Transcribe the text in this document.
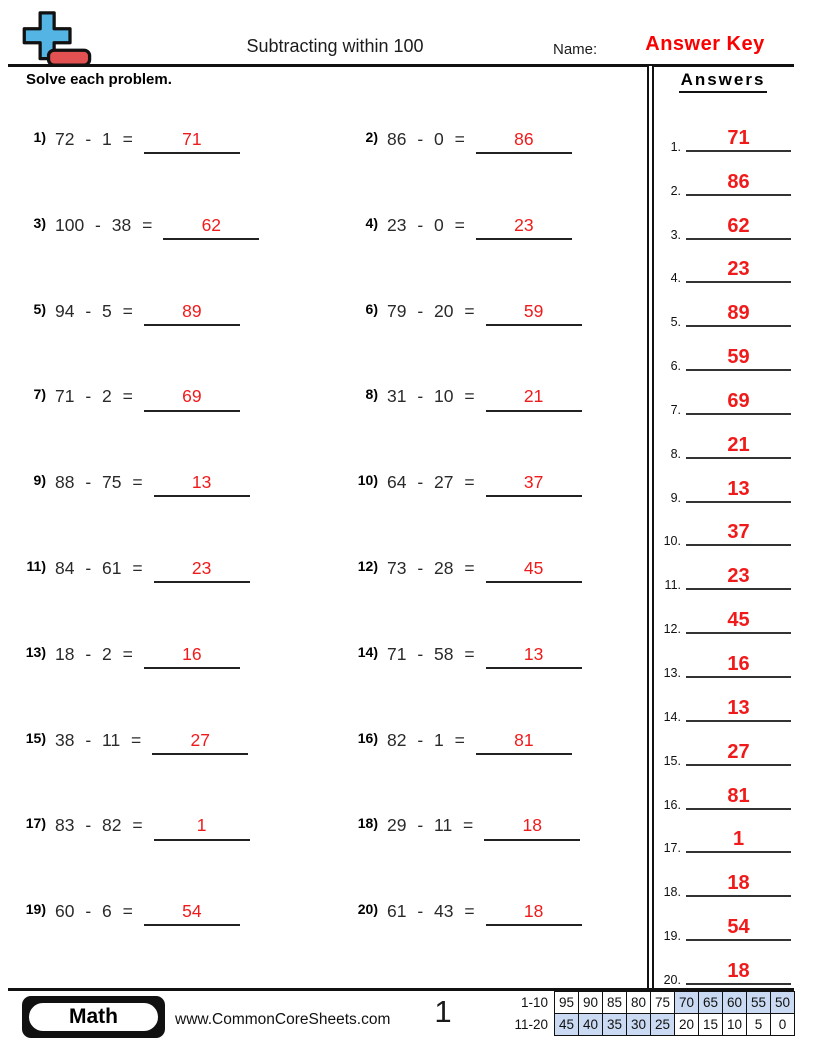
Subtracting within 100	Name:	Answer Key
Solve each problem.	Answers
1) 72 - 1 =	71	2) 86 - 0 =	86
3) 100 - 38 =	62	4) 23 - 0 =	23
5) 94 - 5 =	89	6) 79 - 20 =	59
7) 71 - 2 =	69	8) 31 - 10 =	21
9) 88 - 75 =	13	10) 64 - 27 =	37
11) 84 - 61 =	23	12) 73 - 28 =	45
13) 18 - 2 =	16	14) 71 - 58 =	13
15) 38 - 11 =	27	16) 82 - 1 =	81
17) 83 - 82 =	1	18) 29 - 11 =	18
19) 60 - 6 =	54	20) 61 - 43 =	18
1.	71
2.	86
3.	62
4.	23
5.	89
6.	59
7.	69
8.	21
9.	13
10.	37
11.	23
12.	45
13.	16
14.	13
15.	27
16.	81
17.	1
18.	18
19.	54
20.	18
Math	www.CommonCoreSheets.com	1	1-10	95	90	85	80	75	70	65	60	55	50
11-20	45	40	35	30	25	20	15	10	5	0
